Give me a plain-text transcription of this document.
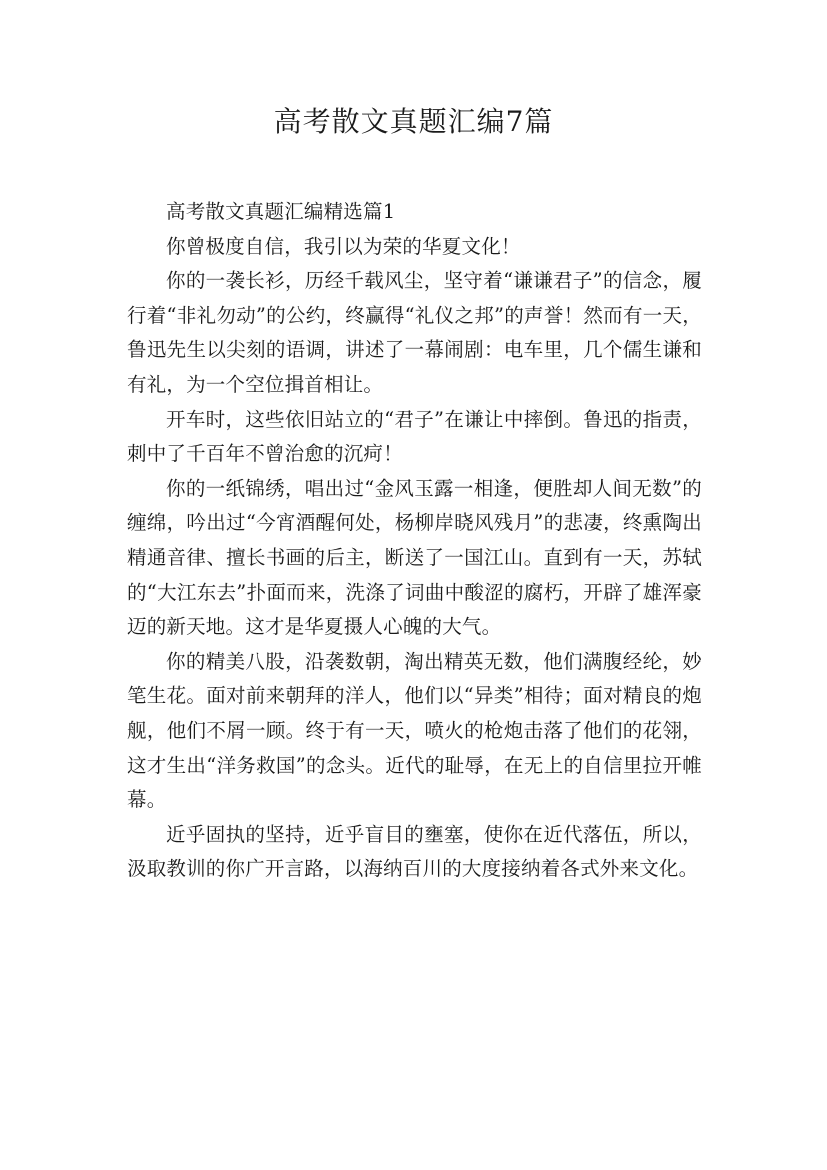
高考散文真题汇编7篇

高考散文真题汇编精选篇1

你曾极度自信，我引以为荣的华夏文化！

你的一袭长衫，历经千载风尘，坚守着“谦谦君子”的信念，履行着“非礼勿动”的公约，终赢得“礼仪之邦”的声誉！然而有一天，鲁迅先生以尖刻的语调，讲述了一幕闹剧：电车里，几个儒生谦和有礼，为一个空位揖首相让。

开车时，这些依旧站立的“君子”在谦让中摔倒。鲁迅的指责，刺中了千百年不曾治愈的沉疴！

你的一纸锦绣，唱出过“金风玉露一相逢，便胜却人间无数”的缠绵，吟出过“今宵酒醒何处，杨柳岸晓风残月”的悲凄，终熏陶出精通音律、擅长书画的后主，断送了一国江山。直到有一天，苏轼的“大江东去”扑面而来，洗涤了词曲中酸涩的腐朽，开辟了雄浑豪迈的新天地。这才是华夏摄人心魄的大气。

你的精美八股，沿袭数朝，淘出精英无数，他们满腹经纶，妙笔生花。面对前来朝拜的洋人，他们以“异类”相待；面对精良的炮舰，他们不屑一顾。终于有一天，喷火的枪炮击落了他们的花翎，这才生出“洋务救国”的念头。近代的耻辱，在无上的自信里拉开帷幕。

近乎固执的坚持，近乎盲目的壅塞，使你在近代落伍，所以，汲取教训的你广开言路，以海纳百川的大度接纳着各式外来文化。
